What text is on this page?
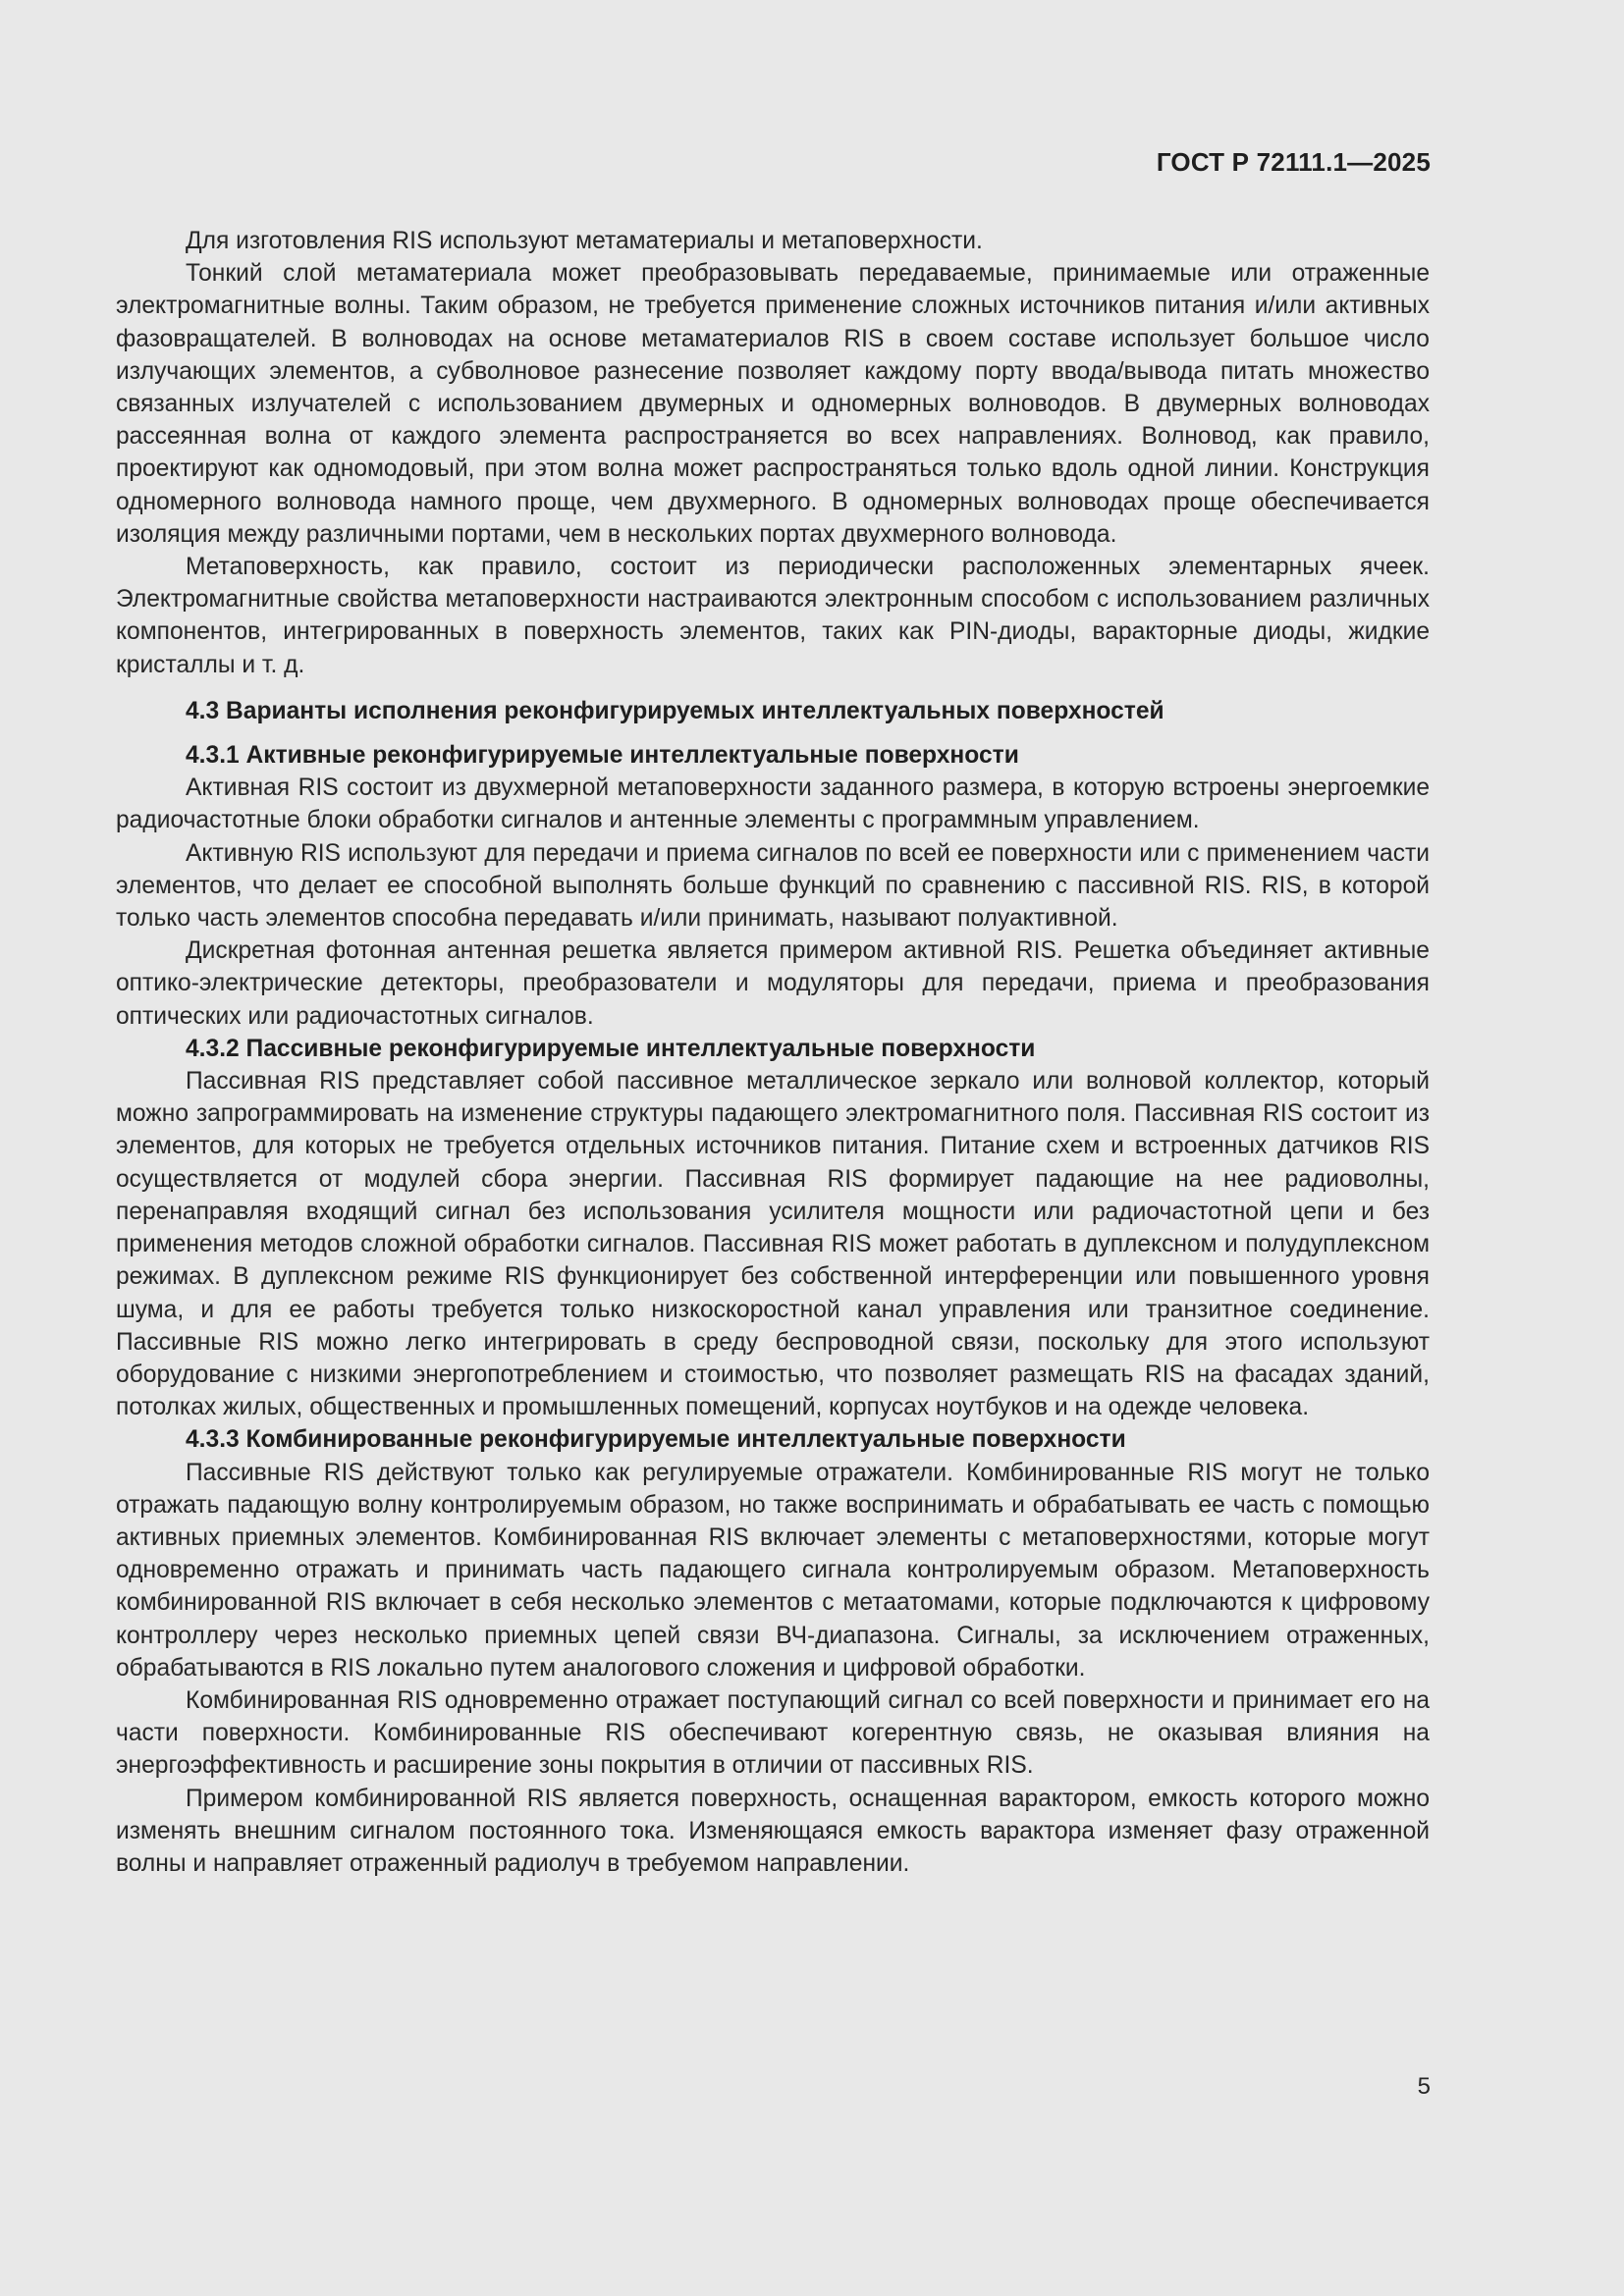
ГОСТ Р 72111.1—2025

Для изготовления RIS используют метаматериалы и метаповерхности.

Тонкий слой метаматериала может преобразовывать передаваемые, принимаемые или отраженные электромагнитные волны. Таким образом, не требуется применение сложных источников питания и/или активных фазовращателей. В волноводах на основе метаматериалов RIS в своем составе использует большое число излучающих элементов, а субволновое разнесение позволяет каждому порту ввода/вывода питать множество связанных излучателей с использованием двумерных и одномерных волноводов. В двумерных волноводах рассеянная волна от каждого элемента распространяется во всех направлениях. Волновод, как правило, проектируют как одномодовый, при этом волна может распространяться только вдоль одной линии. Конструкция одномерного волновода намного проще, чем двухмерного. В одномерных волноводах проще обеспечивается изоляция между различными портами, чем в нескольких портах двухмерного волновода.

Метаповерхность, как правило, состоит из периодически расположенных элементарных ячеек. Электромагнитные свойства метаповерхности настраиваются электронным способом с использованием различных компонентов, интегрированных в поверхность элементов, таких как PIN-диоды, варакторные диоды, жидкие кристаллы и т. д.

4.3 Варианты исполнения реконфигурируемых интеллектуальных поверхностей
4.3.1 Активные реконфигурируемые интеллектуальные поверхности

Активная RIS состоит из двухмерной метаповерхности заданного размера, в которую встроены энергоемкие радиочастотные блоки обработки сигналов и антенные элементы с программным управлением.

Активную RIS используют для передачи и приема сигналов по всей ее поверхности или с применением части элементов, что делает ее способной выполнять больше функций по сравнению с пассивной RIS. RIS, в которой только часть элементов способна передавать и/или принимать, называют полуактивной.

Дискретная фотонная антенная решетка является примером активной RIS. Решетка объединяет активные оптико-электрические детекторы, преобразователи и модуляторы для передачи, приема и преобразования оптических или радиочастотных сигналов.

4.3.2 Пассивные реконфигурируемые интеллектуальные поверхности

Пассивная RIS представляет собой пассивное металлическое зеркало или волновой коллектор, который можно запрограммировать на изменение структуры падающего электромагнитного поля. Пассивная RIS состоит из элементов, для которых не требуется отдельных источников питания. Питание схем и встроенных датчиков RIS осуществляется от модулей сбора энергии. Пассивная RIS формирует падающие на нее радиоволны, перенаправляя входящий сигнал без использования усилителя мощности или радиочастотной цепи и без применения методов сложной обработки сигналов. Пассивная RIS может работать в дуплексном и полудуплексном режимах. В дуплексном режиме RIS функционирует без собственной интерференции или повышенного уровня шума, и для ее работы требуется только низкоскоростной канал управления или транзитное соединение. Пассивные RIS можно легко интегрировать в среду беспроводной связи, поскольку для этого используют оборудование с низкими энергопотреблением и стоимостью, что позволяет размещать RIS на фасадах зданий, потолках жилых, общественных и промышленных помещений, корпусах ноутбуков и на одежде человека.

4.3.3 Комбинированные реконфигурируемые интеллектуальные поверхности

Пассивные RIS действуют только как регулируемые отражатели. Комбинированные RIS могут не только отражать падающую волну контролируемым образом, но также воспринимать и обрабатывать ее часть с помощью активных приемных элементов. Комбинированная RIS включает элементы с метаповерхностями, которые могут одновременно отражать и принимать часть падающего сигнала контролируемым образом. Метаповерхность комбинированной RIS включает в себя несколько элементов с метаатомами, которые подключаются к цифровому контроллеру через несколько приемных цепей связи ВЧ-диапазона. Сигналы, за исключением отраженных, обрабатываются в RIS локально путем аналогового сложения и цифровой обработки.

Комбинированная RIS одновременно отражает поступающий сигнал со всей поверхности и принимает его на части поверхности. Комбинированные RIS обеспечивают когерентную связь, не оказывая влияния на энергоэффективность и расширение зоны покрытия в отличии от пассивных RIS.

Примером комбинированной RIS является поверхность, оснащенная варактором, емкость которого можно изменять внешним сигналом постоянного тока. Изменяющаяся емкость варактора изменяет фазу отраженной волны и направляет отраженный радиолуч в требуемом направлении.

5
